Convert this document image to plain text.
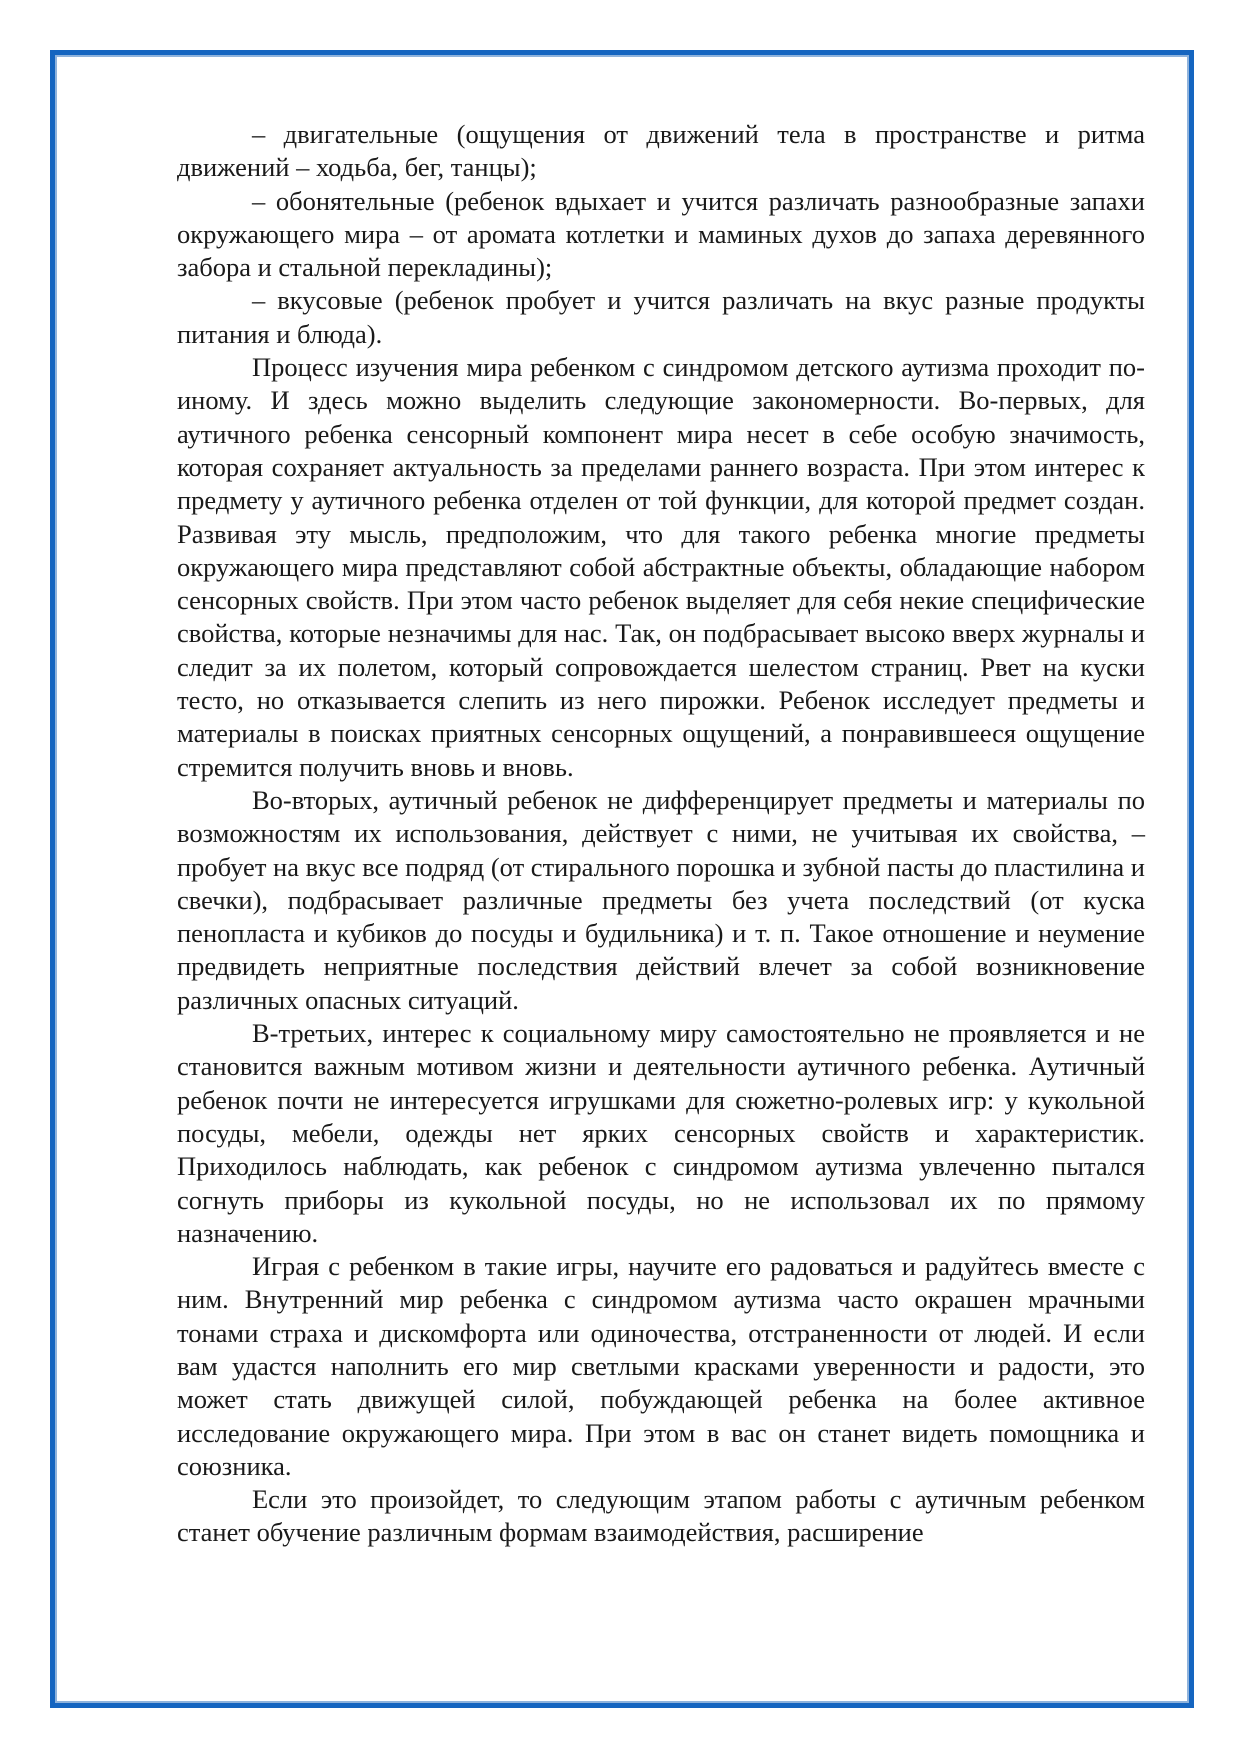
– двигательные (ощущения от движений тела в пространстве и ритма движений – ходьба, бег, танцы);

– обонятельные (ребенок вдыхает и учится различать разнообразные запахи окружающего мира – от аромата котлетки и маминых духов до запаха деревянного забора и стальной перекладины);

– вкусовые (ребенок пробует и учится различать на вкус разные продукты питания и блюда).

Процесс изучения мира ребенком с синдромом детского аутизма проходит по-иному. И здесь можно выделить следующие закономерности. Во-первых, для аутичного ребенка сенсорный компонент мира несет в себе особую значимость, которая сохраняет актуальность за пределами раннего возраста. При этом интерес к предмету у аутичного ребенка отделен от той функции, для которой предмет создан. Развивая эту мысль, предположим, что для такого ребенка многие предметы окружающего мира представляют собой абстрактные объекты, обладающие набором сенсорных свойств. При этом часто ребенок выделяет для себя некие специфические свойства, которые незначимы для нас. Так, он подбрасывает высоко вверх журналы и следит за их полетом, который сопровождается шелестом страниц. Рвет на куски тесто, но отказывается слепить из него пирожки. Ребенок исследует предметы и материалы в поисках приятных сенсорных ощущений, а понравившееся ощущение стремится получить вновь и вновь.

Во-вторых, аутичный ребенок не дифференцирует предметы и материалы по возможностям их использования, действует с ними, не учитывая их свойства, – пробует на вкус все подряд (от стирального порошка и зубной пасты до пластилина и свечки), подбрасывает различные предметы без учета последствий (от куска пенопласта и кубиков до посуды и будильника) и т. п. Такое отношение и неумение предвидеть неприятные последствия действий влечет за собой возникновение различных опасных ситуаций.

В-третьих, интерес к социальному миру самостоятельно не проявляется и не становится важным мотивом жизни и деятельности аутичного ребенка. Аутичный ребенок почти не интересуется игрушками для сюжетно-ролевых игр: у кукольной посуды, мебели, одежды нет ярких сенсорных свойств и характеристик. Приходилось наблюдать, как ребенок с синдромом аутизма увлеченно пытался согнуть приборы из кукольной посуды, но не использовал их по прямому назначению.

Играя с ребенком в такие игры, научите его радоваться и радуйтесь вместе с ним. Внутренний мир ребенка с синдромом аутизма часто окрашен мрачными тонами страха и дискомфорта или одиночества, отстраненности от людей. И если вам удастся наполнить его мир светлыми красками уверенности и радости, это может стать движущей силой, побуждающей ребенка на более активное исследование окружающего мира. При этом в вас он станет видеть помощника и союзника.

Если это произойдет, то следующим этапом работы с аутичным ребенком станет обучение различным формам взаимодействия, расширение
